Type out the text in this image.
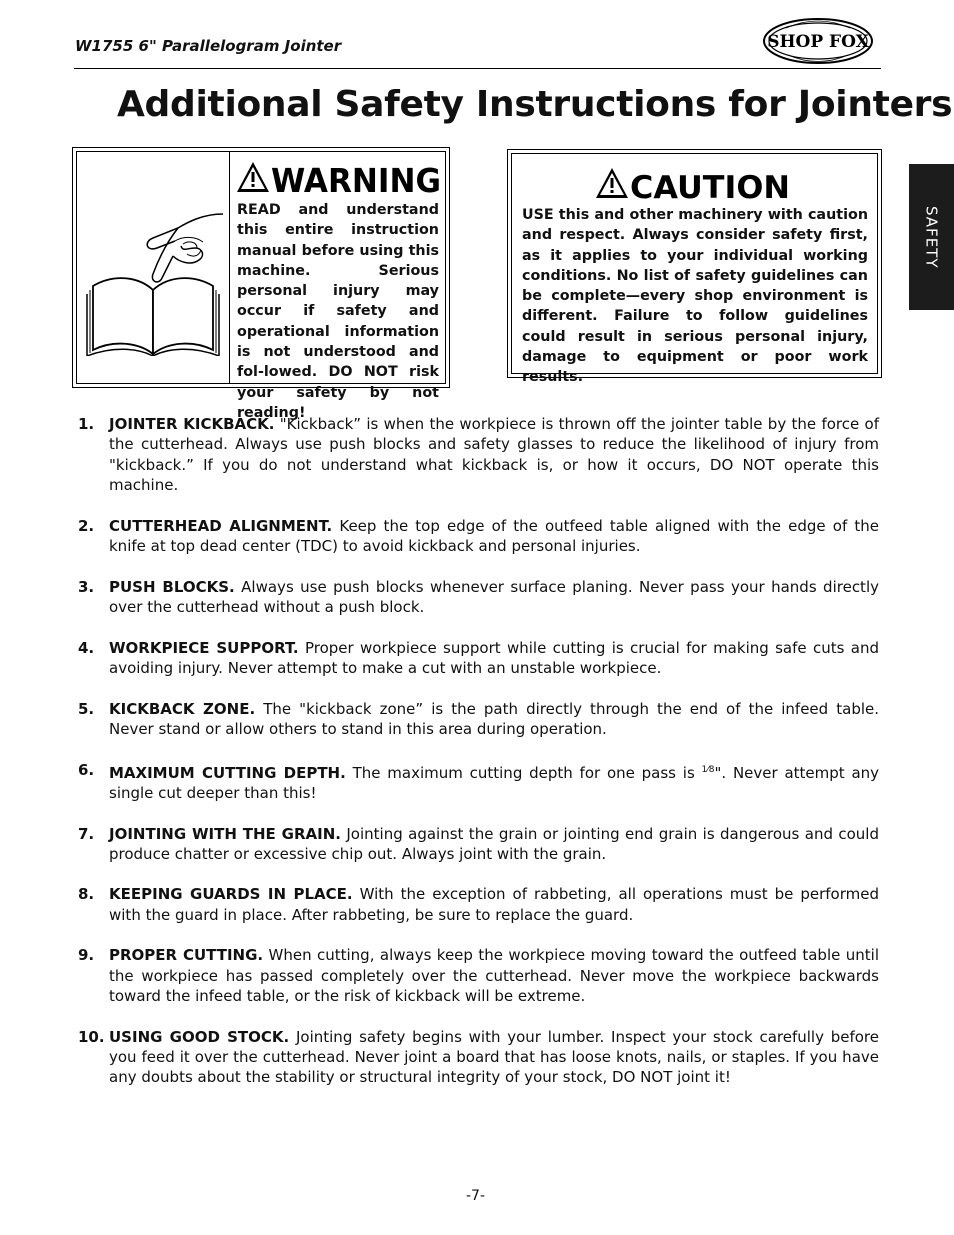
W1755 6" Parallelogram Jointer	SHOP FOX
Additional Safety Instructions for Jointers
WARNING
READ and understand this entire instruction manual before using this machine. Serious personal injury may occur if safety and operational information is not understood and fol-lowed. DO NOT risk your safety by not reading!
CAUTION
USE this and other machinery with caution and respect. Always consider safety first, as it applies to your individual working conditions. No list of safety guidelines can be complete—every shop environment is different. Failure to follow guidelines could result in serious personal injury, damage to equipment or poor work results.
SAFETY
1. JOINTER KICKBACK. "Kickback” is when the workpiece is thrown off the jointer table by the force of the cutterhead. Always use push blocks and safety glasses to reduce the likelihood of injury from "kickback.” If you do not understand what kickback is, or how it occurs, DO NOT operate this machine.
2. CUTTERHEAD ALIGNMENT. Keep the top edge of the outfeed table aligned with the edge of the knife at top dead center (TDC) to avoid kickback and personal injuries.
3. PUSH BLOCKS. Always use push blocks whenever surface planing. Never pass your hands directly over the cutterhead without a push block.
4. WORKPIECE SUPPORT. Proper workpiece support while cutting is crucial for making safe cuts and avoiding injury. Never attempt to make a cut with an unstable workpiece.
5. KICKBACK ZONE. The "kickback zone” is the path directly through the end of the infeed table. Never stand or allow others to stand in this area during operation.
6. MAXIMUM CUTTING DEPTH. The maximum cutting depth for one pass is $^{1⁄8}$". Never attempt any single cut deeper than this!
7. JOINTING WITH THE GRAIN. Jointing against the grain or jointing end grain is dangerous and could produce chatter or excessive chip out. Always joint with the grain.
8. KEEPING GUARDS IN PLACE. With the exception of rabbeting, all operations must be performed with the guard in place. After rabbeting, be sure to replace the guard.
9. PROPER CUTTING. When cutting, always keep the workpiece moving toward the outfeed table until the workpiece has passed completely over the cutterhead. Never move the workpiece backwards toward the infeed table, or the risk of kickback will be extreme.
10. USING GOOD STOCK. Jointing safety begins with your lumber. Inspect your stock carefully before you feed it over the cutterhead. Never joint a board that has loose knots, nails, or staples. If you have any doubts about the stability or structural integrity of your stock, DO NOT joint it!
-7-
